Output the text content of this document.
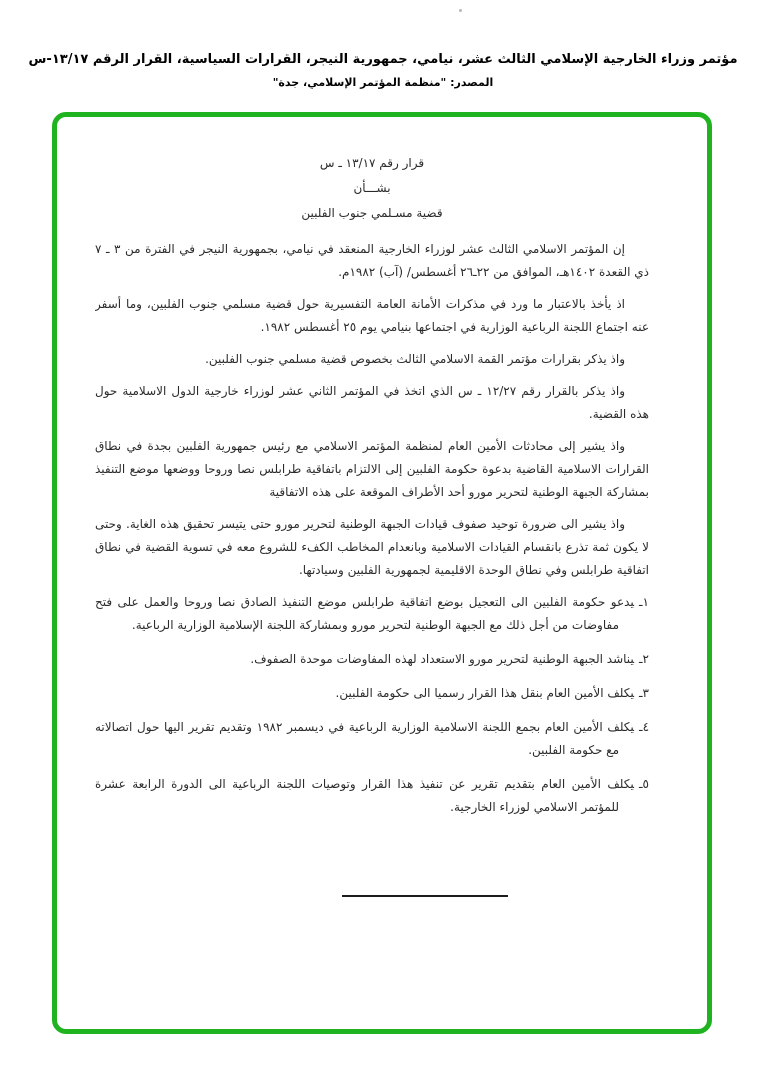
مؤتمر وزراء الخارجية الإسلامي الثالث عشر، نيامي، جمهورية النيجر، القرارات السياسية، القرار الرقم ١٣/١٧-س
المصدر: "منظمة المؤتمر الإسلامي، جدة"
قرار رقم ١٣/١٧ ـ س
بشـــأن
قضية مسـلمي جنوب الفلبين

إن المؤتمر الاسلامي الثالث عشر لوزراء الخارجية المنعقد في نيامي، بجمهورية النيجر في الفترة من ٣ ـ ٧ ذي القعدة ١٤٠٢هـ، الموافق من ٢٢ـ٢٦ أغسطس/ (آب) ١٩٨٢م.

اذ يأخذ بالاعتبار ما ورد في مذكرات الأمانة العامة التفسيرية حول قضية مسلمي جنوب الفلبين، وما أسفر عنه اجتماع اللجنة الرباعية الوزارية في اجتماعها بنيامي يوم ٢٥ أغسطس ١٩٨٢.

واذ يذكر بقرارات مؤتمر القمة الاسلامي الثالث بخصوص قضية مسلمي جنوب الفلبين.

واذ يذكر بالقرار رقم ١٢/٢٧ ـ س الذي اتخذ في المؤتمر الثاني عشر لوزراء خارجية الدول الاسلامية حول هذه القضية.

واذ يشير إلى محادثات الأمين العام لمنظمة المؤتمر الاسلامي مع رئيس جمهورية الفلبين بجدة في نطاق القرارات الاسلامية القاضية بدعوة حكومة الفلبين إلى الالتزام باتفاقية طرابلس نصا وروحا ووضعها موضع التنفيذ بمشاركة الجبهة الوطنية لتحرير مورو أحد الأطراف الموقعة على هذه الاتفاقية

واذ يشير الى ضرورة توحيد صفوف قيادات الجبهة الوطنية لتحرير مورو حتى يتيسر تحقيق هذه الغاية. وحتى لا يكون ثمة تذرع بانقسام القيادات الاسلامية وبانعدام المخاطب الكفء للشروع معه في تسوية القضية في نطاق اتفاقية طرابلس وفي نطاق الوحدة الاقليمية لجمهورية الفلبين وسيادتها.

١ـيدعو حكومة الفلبين الى التعجيل بوضع اتفاقية طرابلس موضع التنفيذ الصادق نصا وروحا والعمل على فتح مفاوضات من أجل ذلك مع الجبهة الوطنية لتحرير مورو وبمشاركة اللجنة الإسلامية الوزارية الرباعية.
٢ـيناشد الجبهة الوطنية لتحرير مورو الاستعداد لهذه المفاوضات موحدة الصفوف.
٣ـيكلف الأمين العام بنقل هذا القرار رسميا الى حكومة الفلبين.
٤ـيكلف الأمين العام بجمع اللجنة الاسلامية الوزارية الرباعية في ديسمبر ١٩٨٢ وتقديم تقرير اليها حول اتصالاته مع حكومة الفلبين.
٥ـيكلف الأمين العام بتقديم تقرير عن تنفيذ هذا القرار وتوصيات اللجنة الرباعية الى الدورة الرابعة عشرة للمؤتمر الاسلامي لوزراء الخارجية.
